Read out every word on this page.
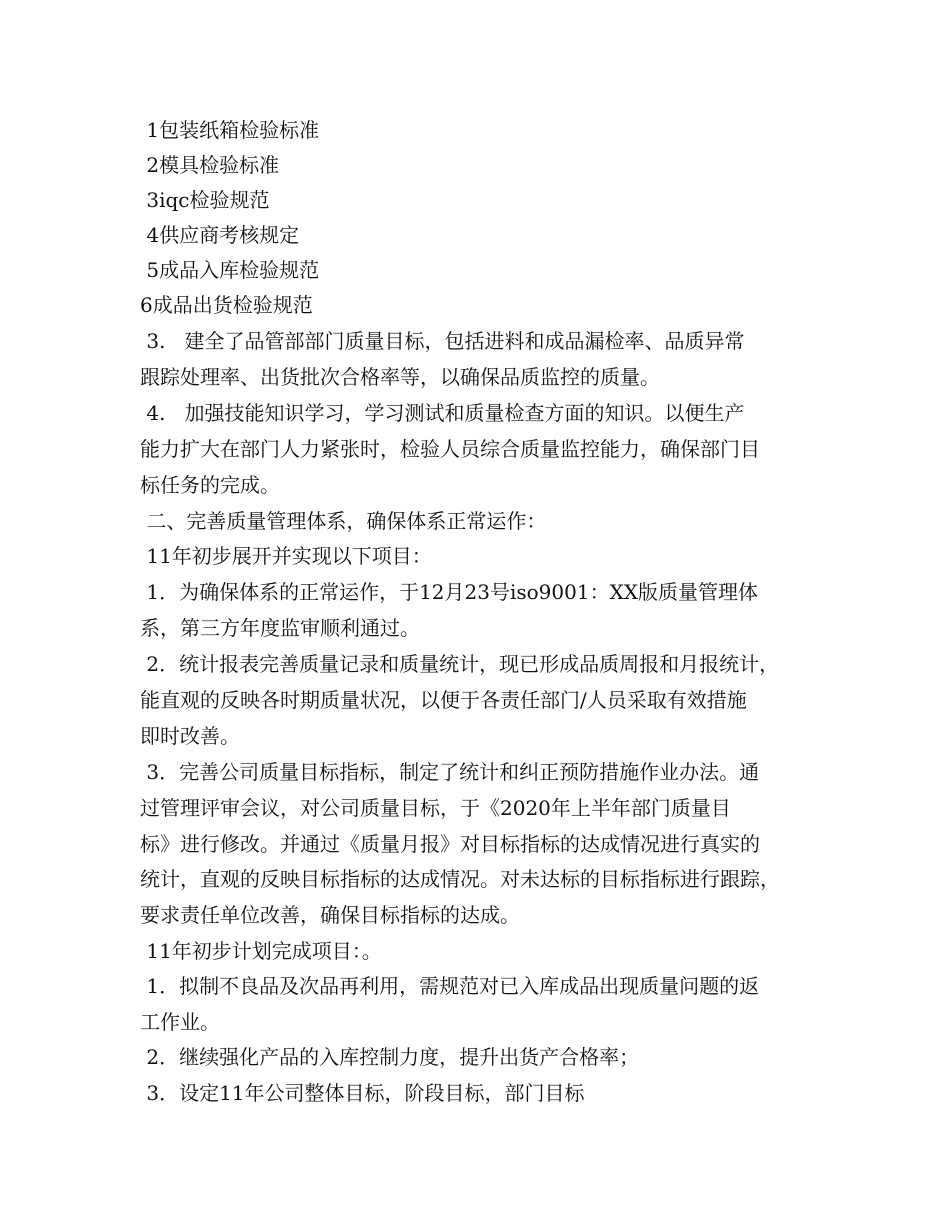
1包装纸箱检验标准
2模具检验标准
3iqc检验规范
4供应商考核规定
5成品入库检验规范
6成品出货检验规范
3.   建全了品管部部门质量目标，包括进料和成品漏检率、品质异常
跟踪处理率、出货批次合格率等，以确保品质监控的质量。
4.   加强技能知识学习，学习测试和质量检查方面的知识。以便生产
能力扩大在部门人力紧张时，检验人员综合质量监控能力，确保部门目
标任务的完成。
二、完善质量管理体系，确保体系正常运作：
11年初步展开并实现以下项目：
1．为确保体系的正常运作，于12月23号iso9001：XX版质量管理体
系，第三方年度监审顺利通过。
2．统计报表完善质量记录和质量统计，现已形成品质周报和月报统计，
能直观的反映各时期质量状况，以便于各责任部门/人员采取有效措施
即时改善。
3．完善公司质量目标指标，制定了统计和纠正预防措施作业办法。通
过管理评审会议，对公司质量目标，于《2020年上半年部门质量目
标》进行修改。并通过《质量月报》对目标指标的达成情况进行真实的
统计，直观的反映目标指标的达成情况。对未达标的目标指标进行跟踪，
要求责任单位改善，确保目标指标的达成。
11年初步计划完成项目：。
1．拟制不良品及次品再利用，需规范对已入库成品出现质量问题的返
工作业。
2．继续强化产品的入库控制力度，提升出货产合格率；
3．设定11年公司整体目标，阶段目标，部门目标
